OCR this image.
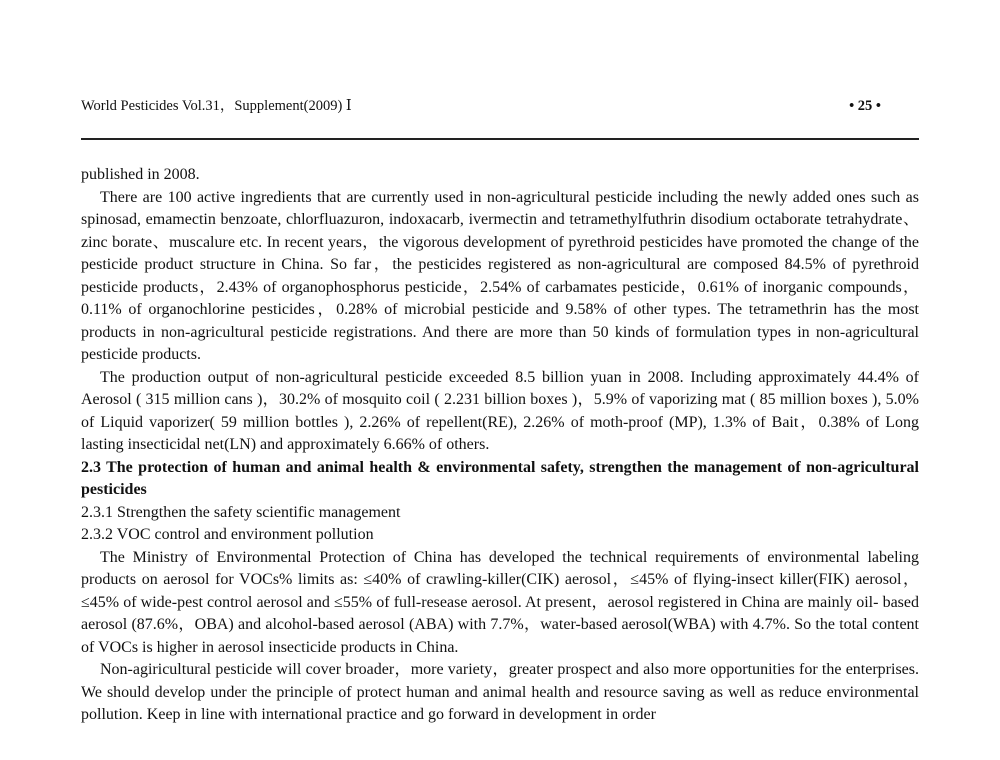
World Pesticides Vol.31，Supplement(2009) Ⅰ	• 25 •

published in 2008.

There are 100 active ingredients that are currently used in non-agricultural pesticide including the newly added ones such as spinosad, emamectin benzoate, chlorfluazuron, indoxacarb, ivermectin and tetramethylfuthrin disodium octaborate tetrahydrate、zinc borate、muscalure etc. In recent years，the vigorous development of pyrethroid pesticides have promoted the change of the pesticide product structure in China. So far，the pesticides registered as non-agricultural are composed 84.5% of pyrethroid pesticide products，2.43% of organophosphorus pesticide，2.54% of carbamates pesticide，0.61% of inorganic compounds，0.11% of organochlorine pesticides，0.28% of microbial pesticide and 9.58% of other types. The tetramethrin has the most products in non-agricultural pesticide registrations. And there are more than 50 kinds of formulation types in non-agricultural pesticide products.

The production output of non-agricultural pesticide exceeded 8.5 billion yuan in 2008. Including approximately 44.4% of Aerosol ( 315 million cans )，30.2% of mosquito coil ( 2.231 billion boxes )，5.9% of vaporizing mat ( 85 million boxes ), 5.0% of Liquid vaporizer( 59 million bottles ), 2.26% of repellent(RE), 2.26% of moth-proof (MP), 1.3% of Bait，0.38% of Long lasting insecticidal net(LN) and approximately 6.66% of others.

2.3 The protection of human and animal health & environmental safety, strengthen the management of non-agricultural pesticides

2.3.1 Strengthen the safety scientific management

2.3.2 VOC control and environment pollution

The Ministry of Environmental Protection of China has developed the technical requirements of environmental labeling products on aerosol for VOCs% limits as: ≤40% of crawling-killer(CIK) aerosol，≤45% of flying-insect killer(FIK) aerosol，≤45% of wide-pest control aerosol and ≤55% of full-resease aerosol. At present，aerosol registered in China are mainly oil- based aerosol (87.6%，OBA) and alcohol-based aerosol (ABA) with 7.7%，water-based aerosol(WBA) with 4.7%. So the total content of VOCs is higher in aerosol insecticide products in China.

Non-agiricultural pesticide will cover broader，more variety，greater prospect and also more opportunities for the enterprises. We should develop under the principle of protect human and animal health and resource saving as well as reduce environmental pollution. Keep in line with international practice and go forward in development in order
